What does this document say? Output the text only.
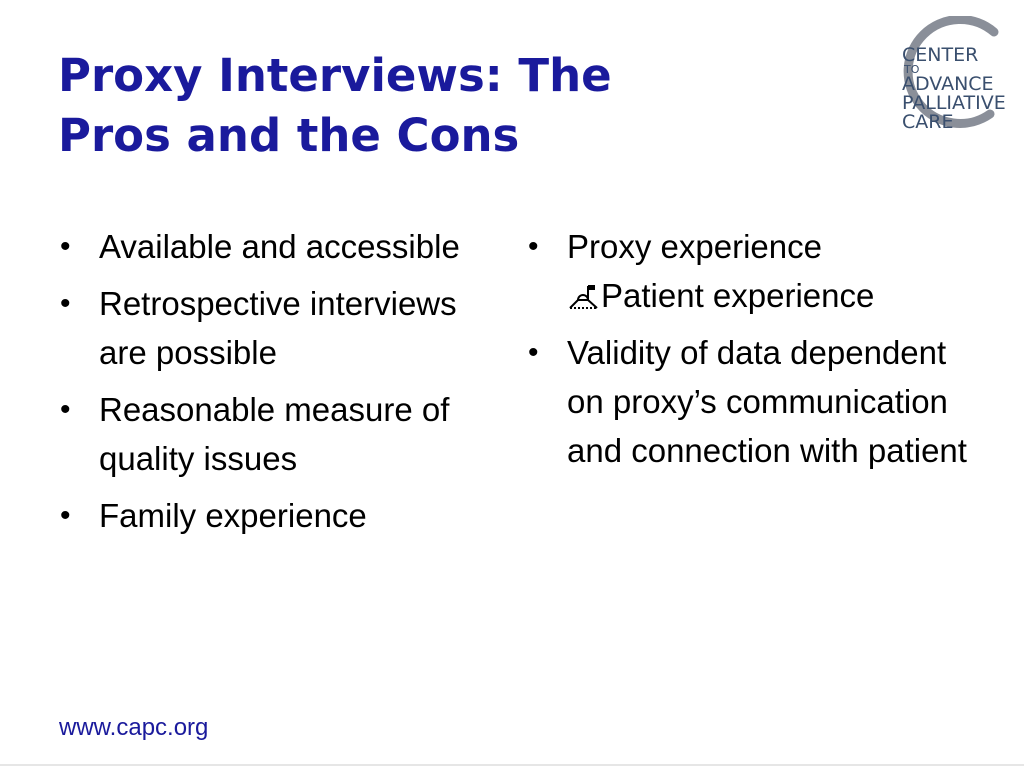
Proxy Interviews: The
Pros and the Cons
CENTER
TO
ADVANCE
PALLIATIVE
CARE
• Available and accessible
• Retrospective interviews are possible
• Reasonable measure of quality issues
• Family experience
• Proxy experience
Patient experience
• Validity of data dependent on proxy’s communication and connection with patient
www.capc.org
